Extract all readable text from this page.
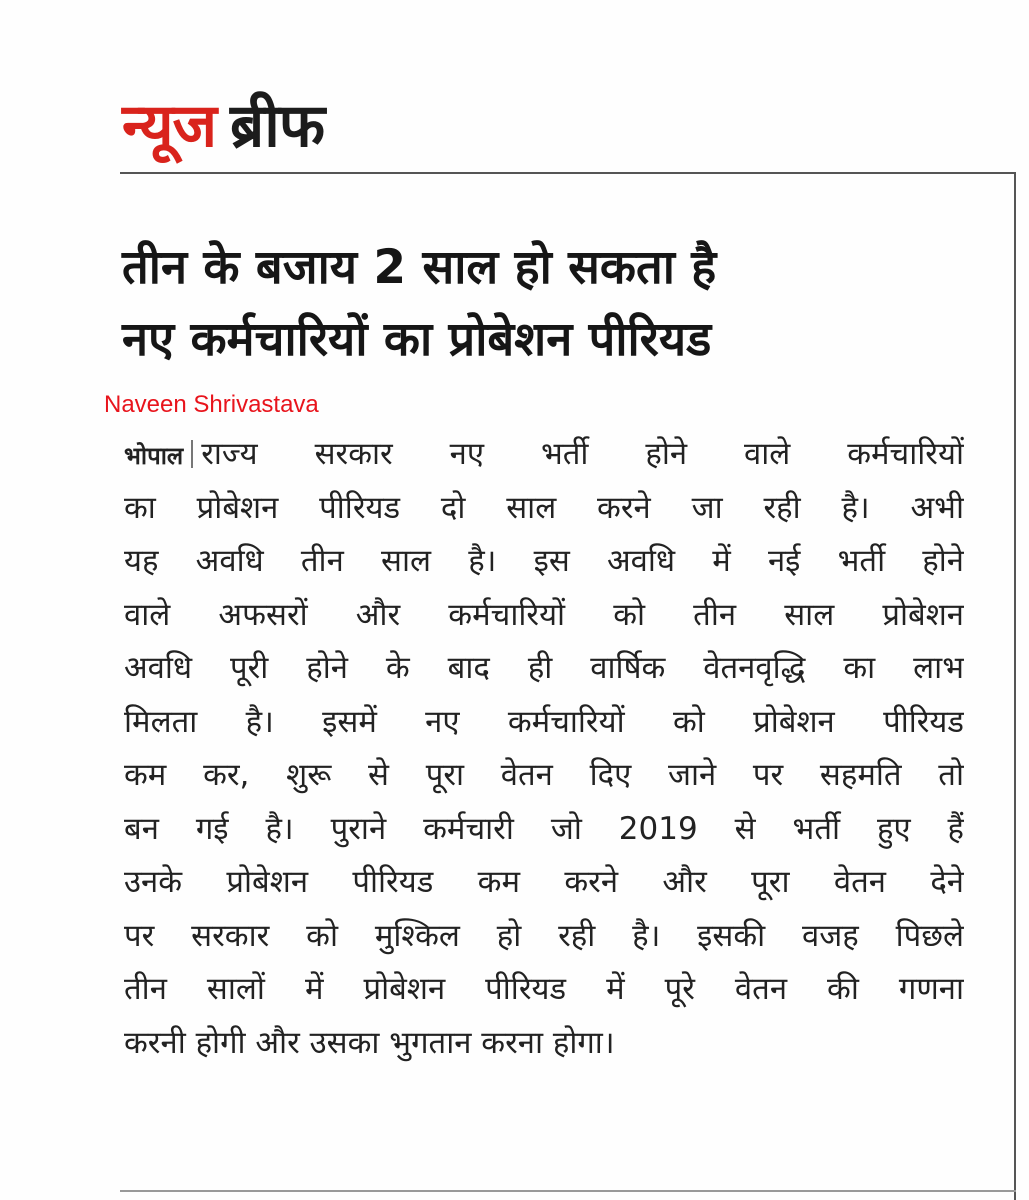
न्यूज ब्रीफ
तीन के बजाय 2 साल हो सकता है
नए कर्मचारियों का प्रोबेशन पीरियड
Naveen Shrivastava
भोपाल राज्य सरकार नए भर्ती होने वाले कर्मचारियों
का प्रोबेशन पीरियड दो साल करने जा रही है। अभी
यह अवधि तीन साल है। इस अवधि में नई भर्ती होने
वाले अफसरों और कर्मचारियों को तीन साल प्रोबेशन
अवधि पूरी होने के बाद ही वार्षिक वेतनवृद्धि का लाभ
मिलता है। इसमें नए कर्मचारियों को प्रोबेशन पीरियड
कम कर, शुरू से पूरा वेतन दिए जाने पर सहमति तो
बन गई है। पुराने कर्मचारी जो 2019 से भर्ती हुए हैं
उनके प्रोबेशन पीरियड कम करने और पूरा वेतन देने
पर सरकार को मुश्किल हो रही है। इसकी वजह पिछले
तीन सालों में प्रोबेशन पीरियड में पूरे वेतन की गणना
करनी होगी और उसका भुगतान करना होगा।
